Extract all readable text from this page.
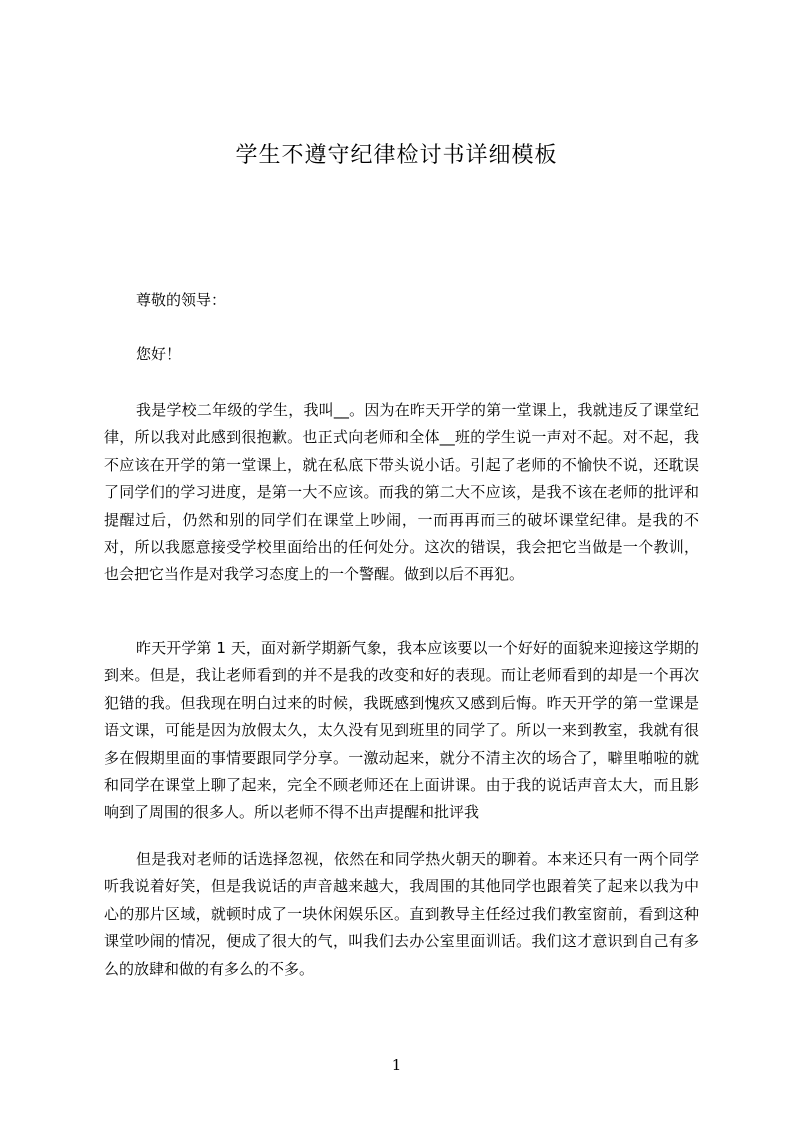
学生不遵守纪律检讨书详细模板
尊敬的领导：
您好！

我是学校二年级的学生，我叫__。因为在昨天开学的第一堂课上，我就违反了课堂纪律，所以我对此感到很抱歉。也正式向老师和全体__班的学生说一声对不起。对不起，我不应该在开学的第一堂课上，就在私底下带头说小话。引起了老师的不愉快不说，还耽误了同学们的学习进度，是第一大不应该。而我的第二大不应该，是我不该在老师的批评和提醒过后，仍然和别的同学们在课堂上吵闹，一而再再而三的破坏课堂纪律。是我的不对，所以我愿意接受学校里面给出的任何处分。这次的错误，我会把它当做是一个教训，也会把它当作是对我学习态度上的一个警醒。做到以后不再犯。

昨天开学第 1 天，面对新学期新气象，我本应该要以一个好好的面貌来迎接这学期的到来。但是，我让老师看到的并不是我的改变和好的表现。而让老师看到的却是一个再次犯错的我。但我现在明白过来的时候，我既感到愧疚又感到后悔。昨天开学的第一堂课是语文课，可能是因为放假太久，太久没有见到班里的同学了。所以一来到教室，我就有很多在假期里面的事情要跟同学分享。一激动起来，就分不清主次的场合了，噼里啪啦的就和同学在课堂上聊了起来，完全不顾老师还在上面讲课。由于我的说话声音太大，而且影响到了周围的很多人。所以老师不得不出声提醒和批评我

但是我对老师的话选择忽视，依然在和同学热火朝天的聊着。本来还只有一两个同学听我说着好笑，但是我说话的声音越来越大，我周围的其他同学也跟着笑了起来以我为中心的那片区域，就顿时成了一块休闲娱乐区。直到教导主任经过我们教室窗前，看到这种课堂吵闹的情况，便成了很大的气，叫我们去办公室里面训话。我们这才意识到自己有多么的放肆和做的有多么的不多。

1
